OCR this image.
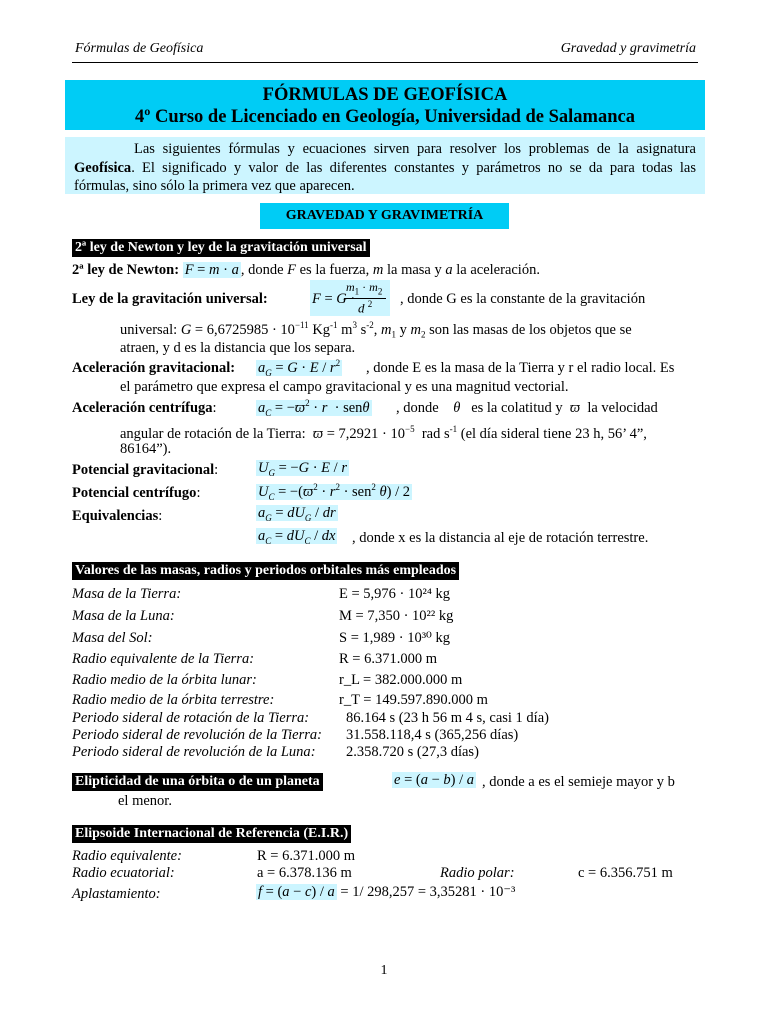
Fórmulas de Geofísica	Gravedad y gravimetría
FÓRMULAS DE GEOFÍSICA
4º Curso de Licenciado en Geología, Universidad de Salamanca

Las siguientes fórmulas y ecuaciones sirven para resolver los problemas de la asignatura Geofísica. El significado y valor de las diferentes constantes y parámetros no se da para todas las fórmulas, sino sólo la primera vez que aparecen.

GRAVEDAD Y GRAVIMETRÍA
2ª ley de Newton y ley de la gravitación universal
2ª ley de Newton: F = m · a , donde F es la fuerza, m la masa y a la aceleración.
Ley de la gravitación universal:	F = G ·
$m_1 \cdot m_2$
d $^2$ , donde G es la constante de la gravitación
universal: $G = 6,6725985 \cdot 10^{-11}$ $Kg^{-1}$ $m^3$ $s^{-2}$, $m_1$ y $m_2$ son las masas de los objetos que se
atraen, y d es la distancia que los separa.
Aceleración gravitacional: $a_G = G \cdot E / r^2$ , donde E es la masa de la Tierra y r el radio local. Es
el parámetro que expresa el campo gravitacional y es una magnitud vectorial.
Aceleración centrífuga:	$a_C = -ϖ^2 \cdot r \cdot sen\theta$ , donde θ es la colatitud y ϖ la velocidad
angular de rotación de la Tierra: $ϖ = 7,2921 \cdot 10^{-5}$ rad $s^{-1}$ (el día sideral tiene 23 h, 56’ 4”,
86164”).
Potencial gravitacional:	$U_G = -G \cdot E / r$
Potencial centrífugo:	$U_C = -(ϖ^2 \cdot r^2 \cdot sen^2$ θ) / 2
Equivalencias:	$a_G = dU_G$ / dr
$a_C = dU_C$ / dx , donde x es la distancia al eje de rotación terrestre.
Valores de las masas, radios y periodos orbitales más empleados
Masa de la Tierra:	E = 5,976 · 10²⁴ kg
Masa de la Luna:	M = 7,350 · 10²² kg
Masa del Sol:	S = 1,989 · 10³⁰ kg
Radio equivalente de la Tierra:	R = 6.371.000 m
Radio medio de la órbita lunar:	r_L = 382.000.000 m
Radio medio de la órbita terrestre:	r_T = 149.597.890.000 m
Periodo sideral de rotación de la Tierra:	86.164 s (23 h 56 m 4 s, casi 1 día)
Periodo sideral de revolución de la Tierra: 31.558.118,4 s (365,256 días)
Periodo sideral de revolución de la Luna: 2.358.720 s (27,3 días)
Elipticidad de una órbita o de un planeta	e = (a − b) / a , donde a es el semieje mayor y b
el menor.
Elipsoide Internacional de Referencia (E.I.R.)
Radio equivalente:	R = 6.371.000 m
Radio ecuatorial:	a = 6.378.136 m	Radio polar:	c = 6.356.751 m
Aplastamiento:	f = (a − c) / a = 1/ 298,257 = 3,35281 · 10⁻³
1
